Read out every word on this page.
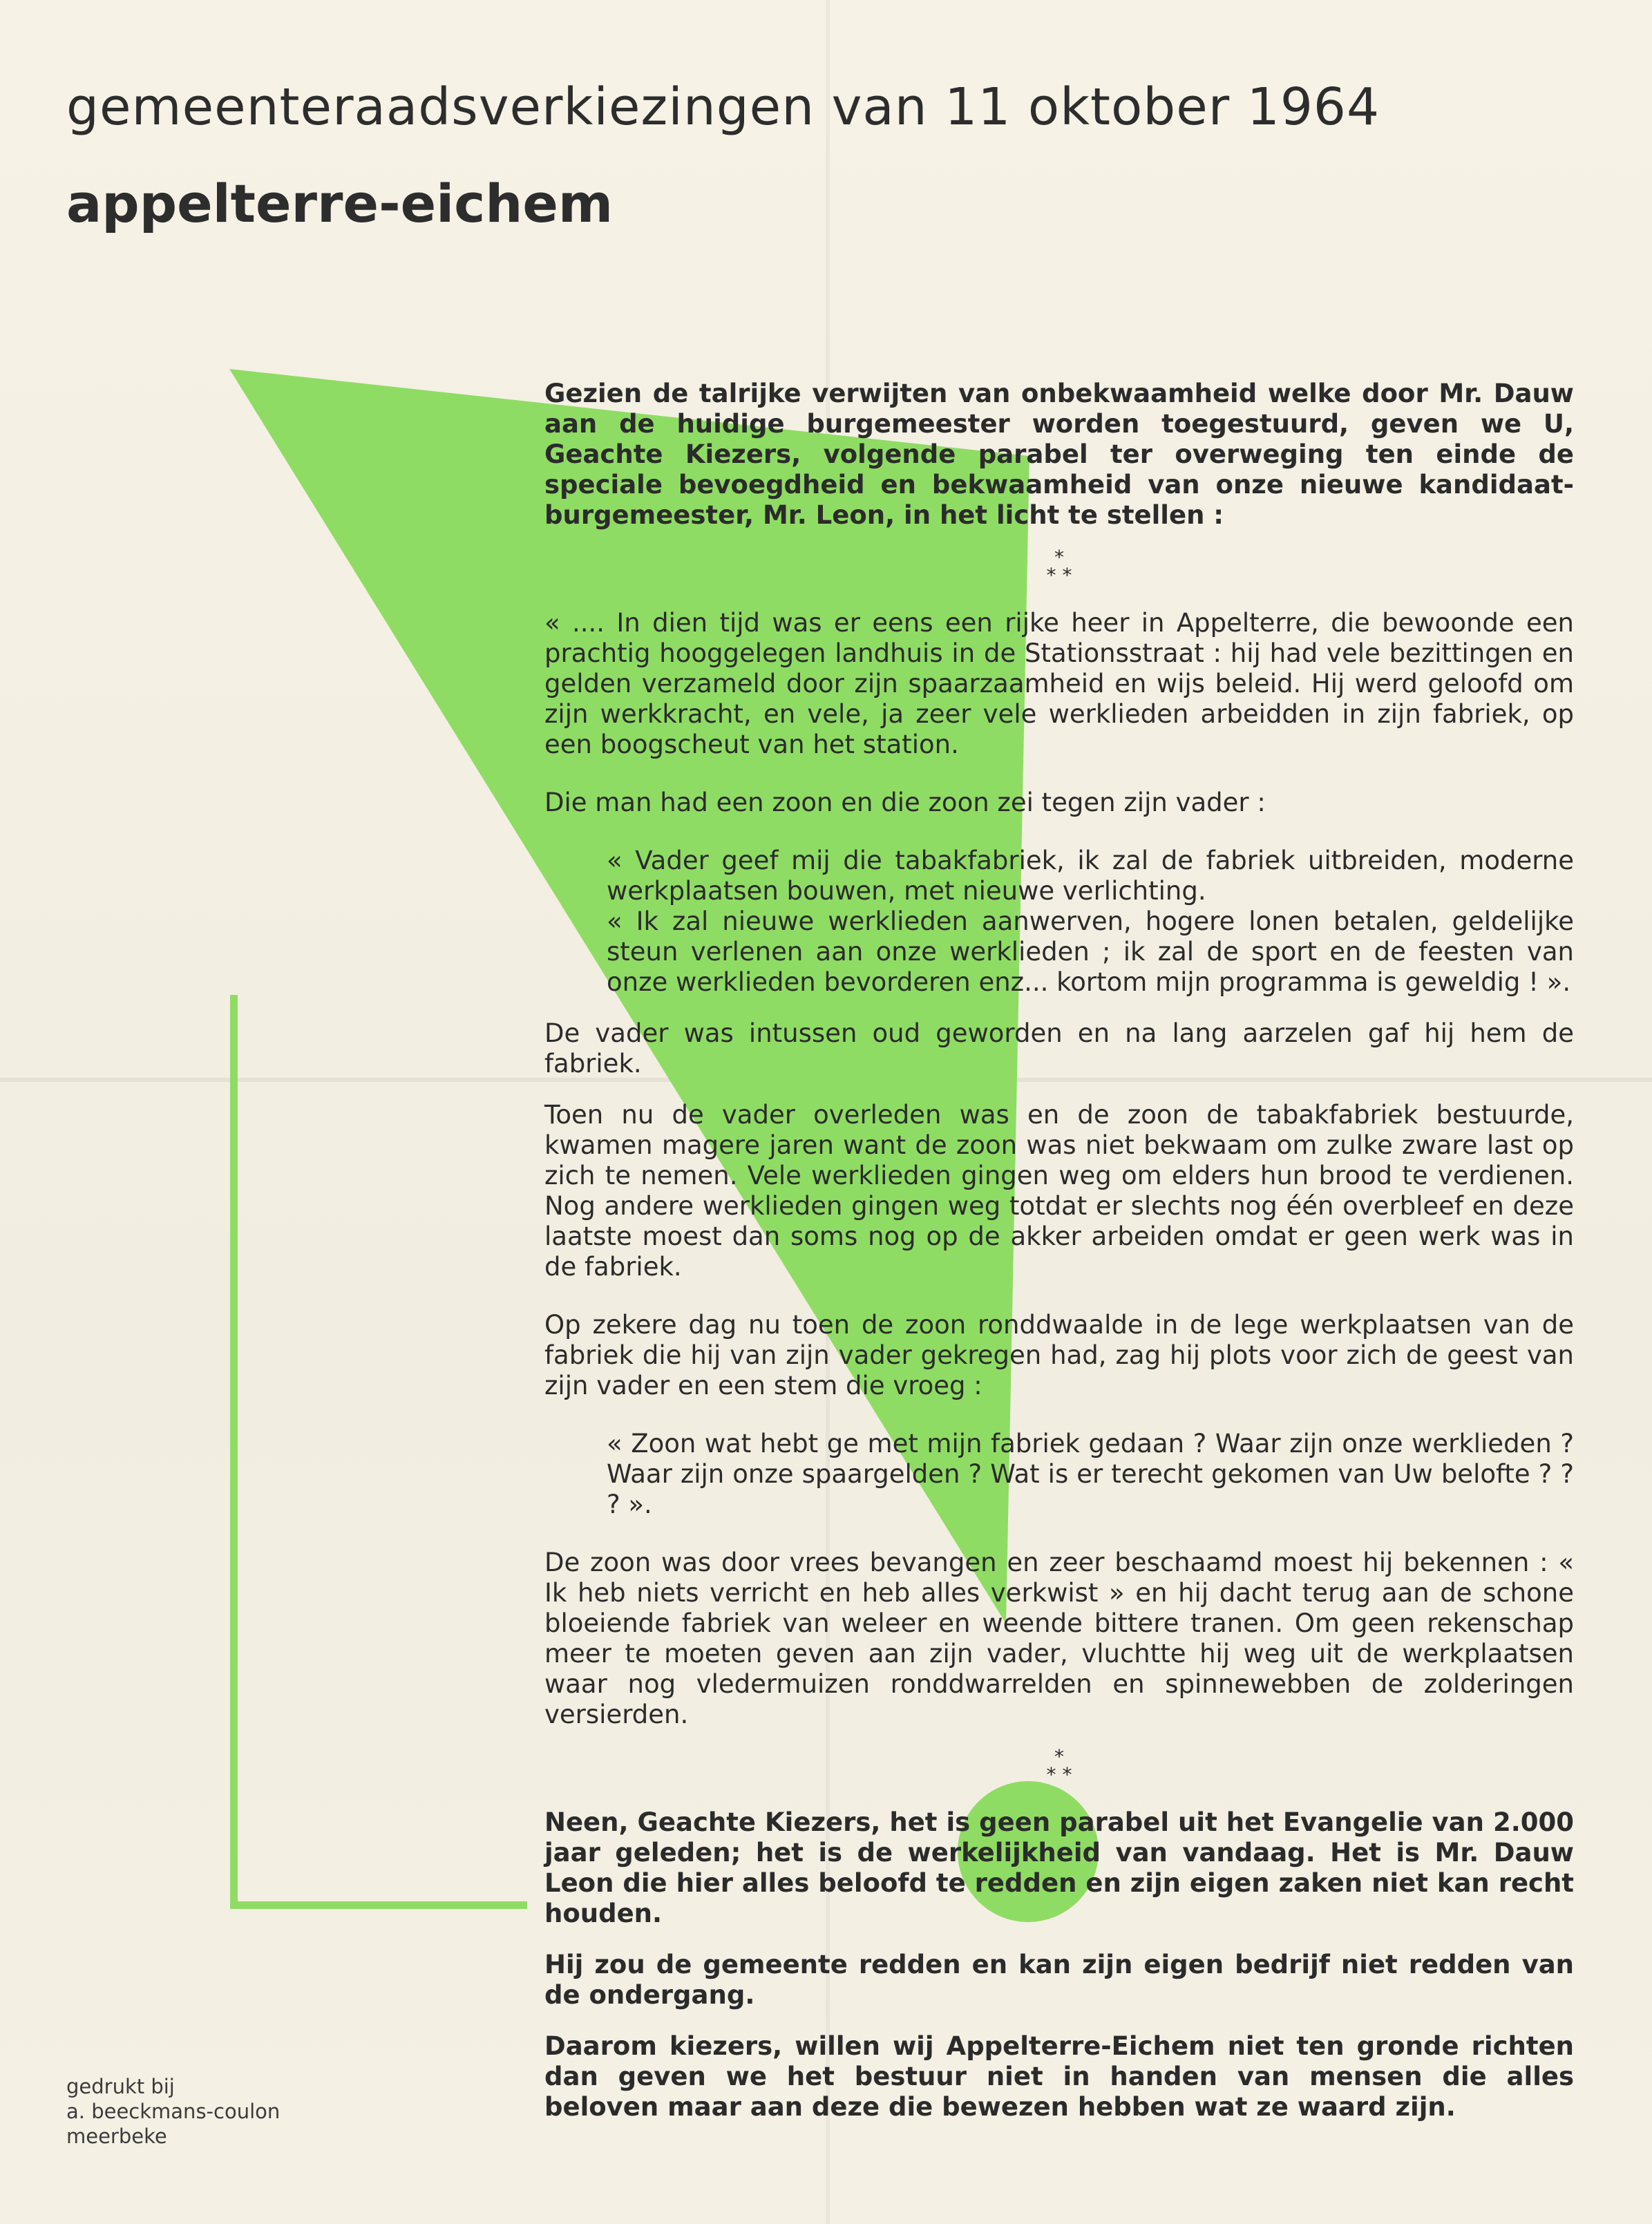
gemeenteraadsverkiezingen van 11 oktober 1964
appelterre-eichem

Gezien de talrijke verwijten van onbekwaamheid welke door Mr. Dauw aan de huidige burgemeester worden toegestuurd, geven we U, Geachte Kiezers, volgende parabel ter overweging ten einde de speciale bevoegdheid en bekwaamheid van onze nieuwe kandidaat-burgemeester, Mr. Leon, in het licht te stellen :

*
* *

« .... In dien tijd was er eens een rijke heer in Appelterre, die bewoonde een prachtig hooggelegen landhuis in de Stationsstraat : hij had vele bezittingen en gelden verzameld door zijn spaarzaamheid en wijs beleid. Hij werd geloofd om zijn werkkracht, en vele, ja zeer vele werklieden arbeidden in zijn fabriek, op een boogscheut van het station.

Die man had een zoon en die zoon zei tegen zijn vader :

« Vader geef mij die tabakfabriek, ik zal de fabriek uitbreiden, moderne werkplaatsen bouwen, met nieuwe verlichting.

« Ik zal nieuwe werklieden aanwerven, hogere lonen betalen, geldelijke steun verlenen aan onze werklieden ; ik zal de sport en de feesten van onze werklieden bevorderen enz... kortom mijn programma is geweldig ! ».

De vader was intussen oud geworden en na lang aarzelen gaf hij hem de fabriek.

Toen nu de vader overleden was en de zoon de tabakfabriek bestuurde, kwamen magere jaren want de zoon was niet bekwaam om zulke zware last op zich te nemen. Vele werklieden gingen weg om elders hun brood te verdienen. Nog andere werklieden gingen weg totdat er slechts nog één overbleef en deze laatste moest dan soms nog op de akker arbeiden omdat er geen werk was in de fabriek.

Op zekere dag nu toen de zoon ronddwaalde in de lege werkplaatsen van de fabriek die hij van zijn vader gekregen had, zag hij plots voor zich de geest van zijn vader en een stem die vroeg :

« Zoon wat hebt ge met mijn fabriek gedaan ? Waar zijn onze werklieden ? Waar zijn onze spaargelden ? Wat is er terecht gekomen van Uw belofte ? ? ? ».

De zoon was door vrees bevangen en zeer beschaamd moest hij bekennen : « Ik heb niets verricht en heb alles verkwist » en hij dacht terug aan de schone bloeiende fabriek van weleer en weende bittere tranen. Om geen rekenschap meer te moeten geven aan zijn vader, vluchtte hij weg uit de werkplaatsen waar nog vledermuizen ronddwarrelden en spinnewebben de zolderingen versierden.

*
* *

Neen, Geachte Kiezers, het is geen parabel uit het Evangelie van 2.000 jaar geleden; het is de werkelijkheid van vandaag. Het is Mr. Dauw Leon die hier alles beloofd te redden en zijn eigen zaken niet kan recht houden.

Hij zou de gemeente redden en kan zijn eigen bedrijf niet redden van de ondergang.

Daarom kiezers, willen wij Appelterre-Eichem niet ten gronde richten dan geven we het bestuur niet in handen van mensen die alles beloven maar aan deze die bewezen hebben wat ze waard zijn.

gedrukt bij
a. beeckmans-coulon
meerbeke
